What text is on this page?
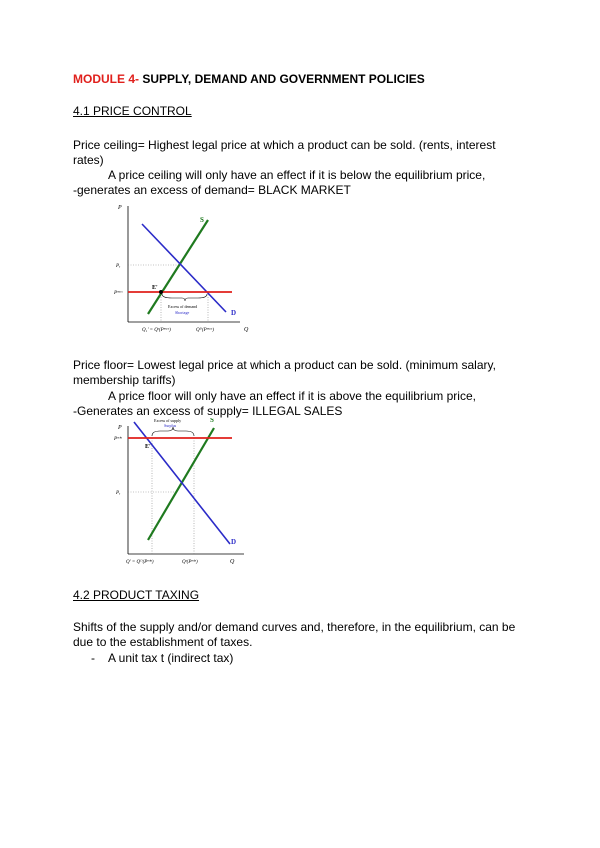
MODULE 4- SUPPLY, DEMAND AND GOVERNMENT POLICIES
4.1 PRICE CONTROL
Price ceiling= Highest legal price at which a product can be sold. (rents, interest
rates)
A price ceiling will only have an effect if it is below the equilibrium price,
-generates an excess of demand= BLACK MARKET
P
Q
S
D
Pₑ
Pᵐᵃˣ
E'
Excess of demand
Shortage
Q₁' = Qˢ(Pᵐᵃˣ)	Qᴰ(Pᵐᵃˣ)
Price floor= Lowest legal price at which a product can be sold. (minimum salary,
membership tariffs)
A price floor will only have an effect if it is above the equilibrium price,
-Generates an excess of supply= ILLEGAL SALES
P
Q
S
D
Pₑ
Pᵐⁱⁿ
E'
Excess of supply
Surplus
Q' = Qᴰ(Pᵐⁱⁿ)	Qˢ(Pᵐⁱⁿ)
4.2 PRODUCT TAXING
Shifts of the supply and/or demand curves and, therefore, in the equilibrium, can be
due to the establishment of taxes.
- A unit tax t (indirect tax)
